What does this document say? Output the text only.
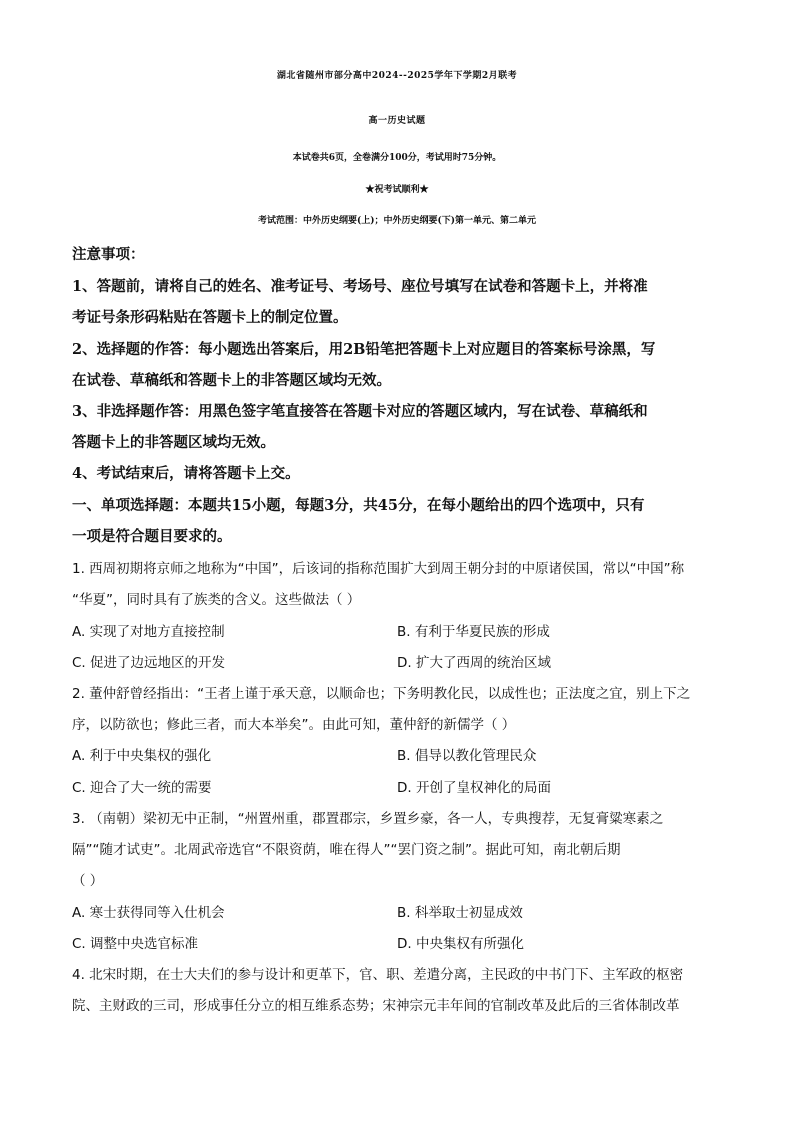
湖北省随州市部分高中2024--2025学年下学期2月联考
高一历史试题
本试卷共6页，全卷满分100分，考试用时75分钟。
★祝考试顺利★
考试范围：中外历史纲要(上)；中外历史纲要(下)第一单元、第二单元
注意事项：
1、答题前，请将自己的姓名、准考证号、考场号、座位号填写在试卷和答题卡上，并将准
考证号条形码粘贴在答题卡上的制定位置。
2、选择题的作答：每小题选出答案后，用2B铅笔把答题卡上对应题目的答案标号涂黑，写
在试卷、草稿纸和答题卡上的非答题区域均无效。
3、非选择题作答：用黑色签字笔直接答在答题卡对应的答题区域内，写在试卷、草稿纸和
答题卡上的非答题区域均无效。
4、考试结束后，请将答题卡上交。
一、单项选择题：本题共15小题，每题3分，共45分，在每小题给出的四个选项中，只有
一项是符合题目要求的。
1. 西周初期将京师之地称为“中国”，后该词的指称范围扩大到周王朝分封的中原诸侯国，常以“中国”称
“华夏”，同时具有了族类的含义。这些做法（ ）
A. 实现了对地方直接控制	B. 有利于华夏民族的形成
C. 促进了边远地区的开发	D. 扩大了西周的统治区域
2. 董仲舒曾经指出：“王者上谨于承天意，以顺命也；下务明教化民，以成性也；正法度之宜，别上下之
序，以防欲也；修此三者，而大本举矣”。由此可知，董仲舒的新儒学（ ）
A. 利于中央集权的强化	B. 倡导以教化管理民众
C. 迎合了大一统的需要	D. 开创了皇权神化的局面
3. （南朝）梁初无中正制，“州置州重，郡置郡宗，乡置乡豪，各一人，专典搜荐，无复膏粱寒素之
隔”“随才试吏”。北周武帝选官“不限资荫，唯在得人”“罢门资之制”。据此可知，南北朝后期
（ ）
A. 寒士获得同等入仕机会	B. 科举取士初显成效
C. 调整中央选官标准	D. 中央集权有所强化
4. 北宋时期，在士大夫们的参与设计和更革下，官、职、差遣分离，主民政的中书门下、主军政的枢密
院、主财政的三司，形成事任分立的相互维系态势；宋神宗元丰年间的官制改革及此后的三省体制改革
